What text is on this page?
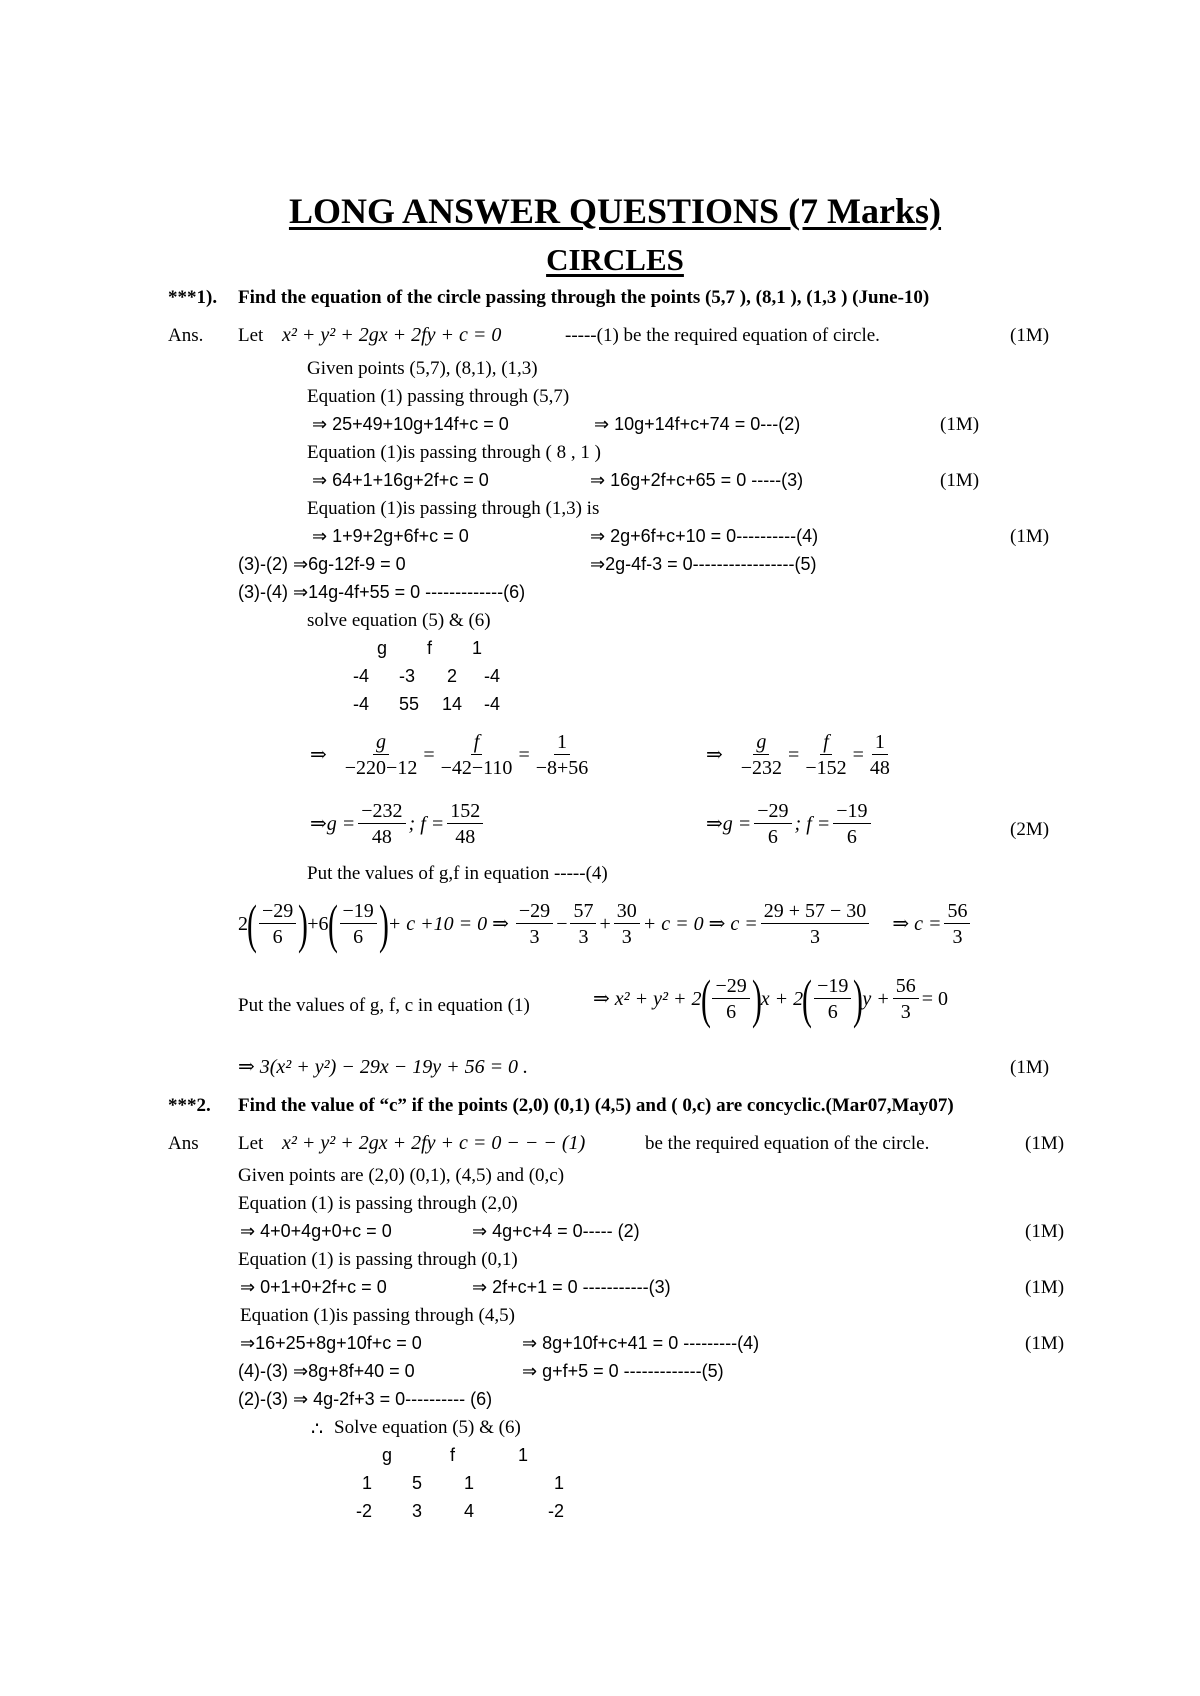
LONG ANSWER QUESTIONS (7 Marks)
CIRCLES
***1). Find the equation of the circle passing through the points (5,7 ), (8,1 ), (1,3 ) (June-10)
Ans. Let x² + y² + 2gx + 2fy + c = 0	-----(1) be the required equation of circle.	(1M)
Given points (5,7), (8,1), (1,3)
Equation (1) passing through (5,7)
⇒ 25+49+10g+14f+c = 0	⇒ 10g+14f+c+74 = 0---(2)	(1M)
Equation (1)is passing through ( 8 , 1 )
⇒ 64+1+16g+2f+c = 0	⇒ 16g+2f+c+65 = 0 -----(3)	(1M)
Equation (1)is passing through (1,3) is
⇒ 1+9+2g+6f+c = 0	⇒ 2g+6f+c+10 = 0----------(4)	(1M)
(3)-(2) ⇒6g-12f-9 = 0	⇒2g-4f-3 = 0-----------------(5)
(3)-(4) ⇒14g-4f+55 = 0 -------------(6)
solve equation (5) & (6)
g f 1
-4 -3 2 -4
-4 55 14 -4
⇒ $\frac{g}{-220-12} = \frac{f}{-42-110} = \frac{1}{-8+56}$	⇒ $\frac{g}{-232} = \frac{f}{-152} = \frac{1}{48}$
⇒g = $\frac{-232}{48}$ ; $f = \frac{152}{48}$	⇒g = $\frac{-29}{6}$ ; $f = \frac{-19}{6}$	(2M)
Put the values of g,f in equation -----(4)
2 ( $\frac{-29}{6}$ ) +6 ( $\frac{-19}{6}$ ) + c +10 = 0 ⇒ $\frac{-29}{3} - \frac{57}{3} + \frac{30}{3} + c = 0$ ⇒ $c = \frac{29 + 57 - 30}{3}$ ⇒ $c = \frac{56}{3}$
Put the values of g, f, c in equation (1)	⇒ x² + y² + 2 ( $\frac{-29}{6}$ ) x + 2 ( $\frac{-19}{6}$ ) $y + \frac{56}{3} = 0$
⇒ 3(x² + y²) − 29x − 19y + 56 = 0 .	(1M)
***2. Find the value of “c” if the points (2,0) (0,1) (4,5) and ( 0,c) are concyclic.(Mar07,May07)
Ans Let x² + y² + 2gx + 2fy + c = 0 − − − (1)	be the required equation of the circle.	(1M)
Given points are (2,0) (0,1), (4,5) and (0,c)
Equation (1) is passing through (2,0)
⇒ 4+0+4g+0+c = 0	⇒ 4g+c+4 = 0----- (2)	(1M)
Equation (1) is passing through (0,1)
⇒ 0+1+0+2f+c = 0	⇒ 2f+c+1 = 0 -----------(3)	(1M)
Equation (1)is passing through (4,5)
⇒16+25+8g+10f+c = 0	⇒ 8g+10f+c+41 = 0 ---------(4)	(1M)
(4)-(3) ⇒8g+8f+40 = 0	⇒ g+f+5 = 0 -------------(5)
(2)-(3) ⇒ 4g-2f+3 = 0---------- (6)
∴ Solve equation (5) & (6)
g	f	1
1 5 1	1
-2 3 4	-2
